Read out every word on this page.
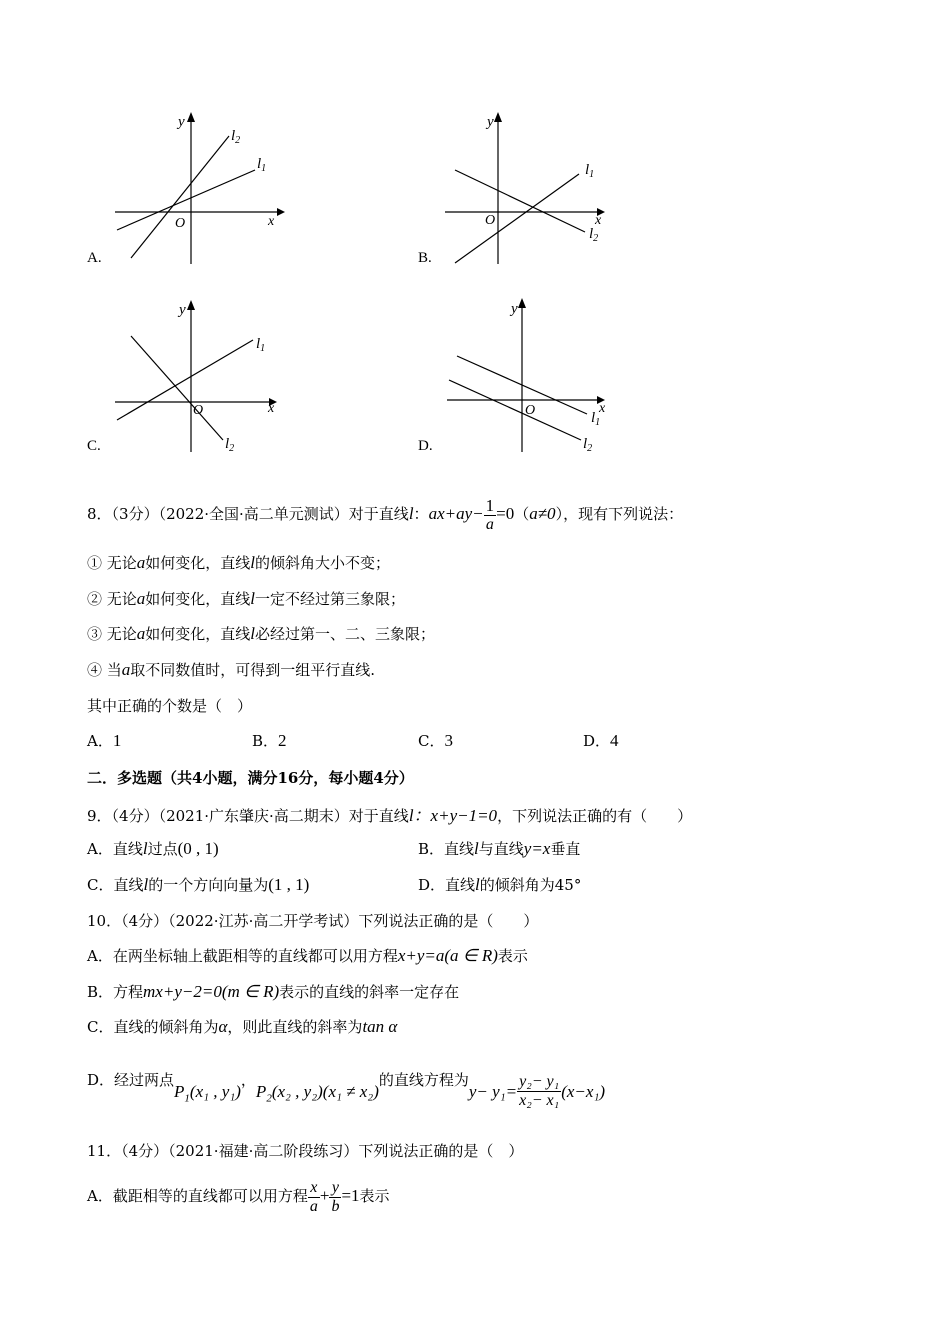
A.
y
x
O
$l_1$
$l_2$
B.
y
x
O
$l_1$
$l_2$
C.
y
x
O
$l_1$
$l_2$	D.
y
x
O	$l_1$
$l_2$
8．（3分）（2022·全国·高二单元测试）对于直线l：$ax+ay- \frac{1}{a} =0(a\ne 0)$，现有下列说法：
① 无论a如何变化，直线l的倾斜角大小不变；
② 无论a如何变化，直线l一定不经过第三象限；
③ 无论a如何变化，直线l必经过第一、二、三象限；
④ 当a取不同数值时，可得到一组平行直线.
其中正确的个数是（　）
A．1	B．2	C．3	D．4
二．多选题（共4小题，满分16分，每小题4分）
9．（4分）（2021·广东肇庆·高二期末）对于直线l：x+y−1=0，下列说法正确的有（　　）
A．直线l过点(0 , 1)	B．直线l与直线y=x垂直
C．直线l的一个方向向量为(1 , 1)	D．直线l的倾斜角为45°
10．（4分）（2022·江苏·高二开学考试）下列说法正确的是（　　）
A．在两坐标轴上截距相等的直线都可以用方程x+y=a(a ∈ R)表示
B．方程mx+y−2=0(m ∈ R)表示的直线的斜率一定存在
C．直线的倾斜角为α，则此直线的斜率为tan α
D．经过两点$P_1(x_1$ , y₁)，$P_2(x_2$ , y₂)(x₁ ≠ x₂)的直线方程为$y- y_1= \frac{\text{y₂− y₁}}{\text{x₂− x₁}} (x-x_1)$
11．（4分）（2021·福建·高二阶段练习）下列说法正确的是（　）
A．截距相等的直线都可以用方程 $\frac{x}{a} + \frac{y}{b} =1$表示
